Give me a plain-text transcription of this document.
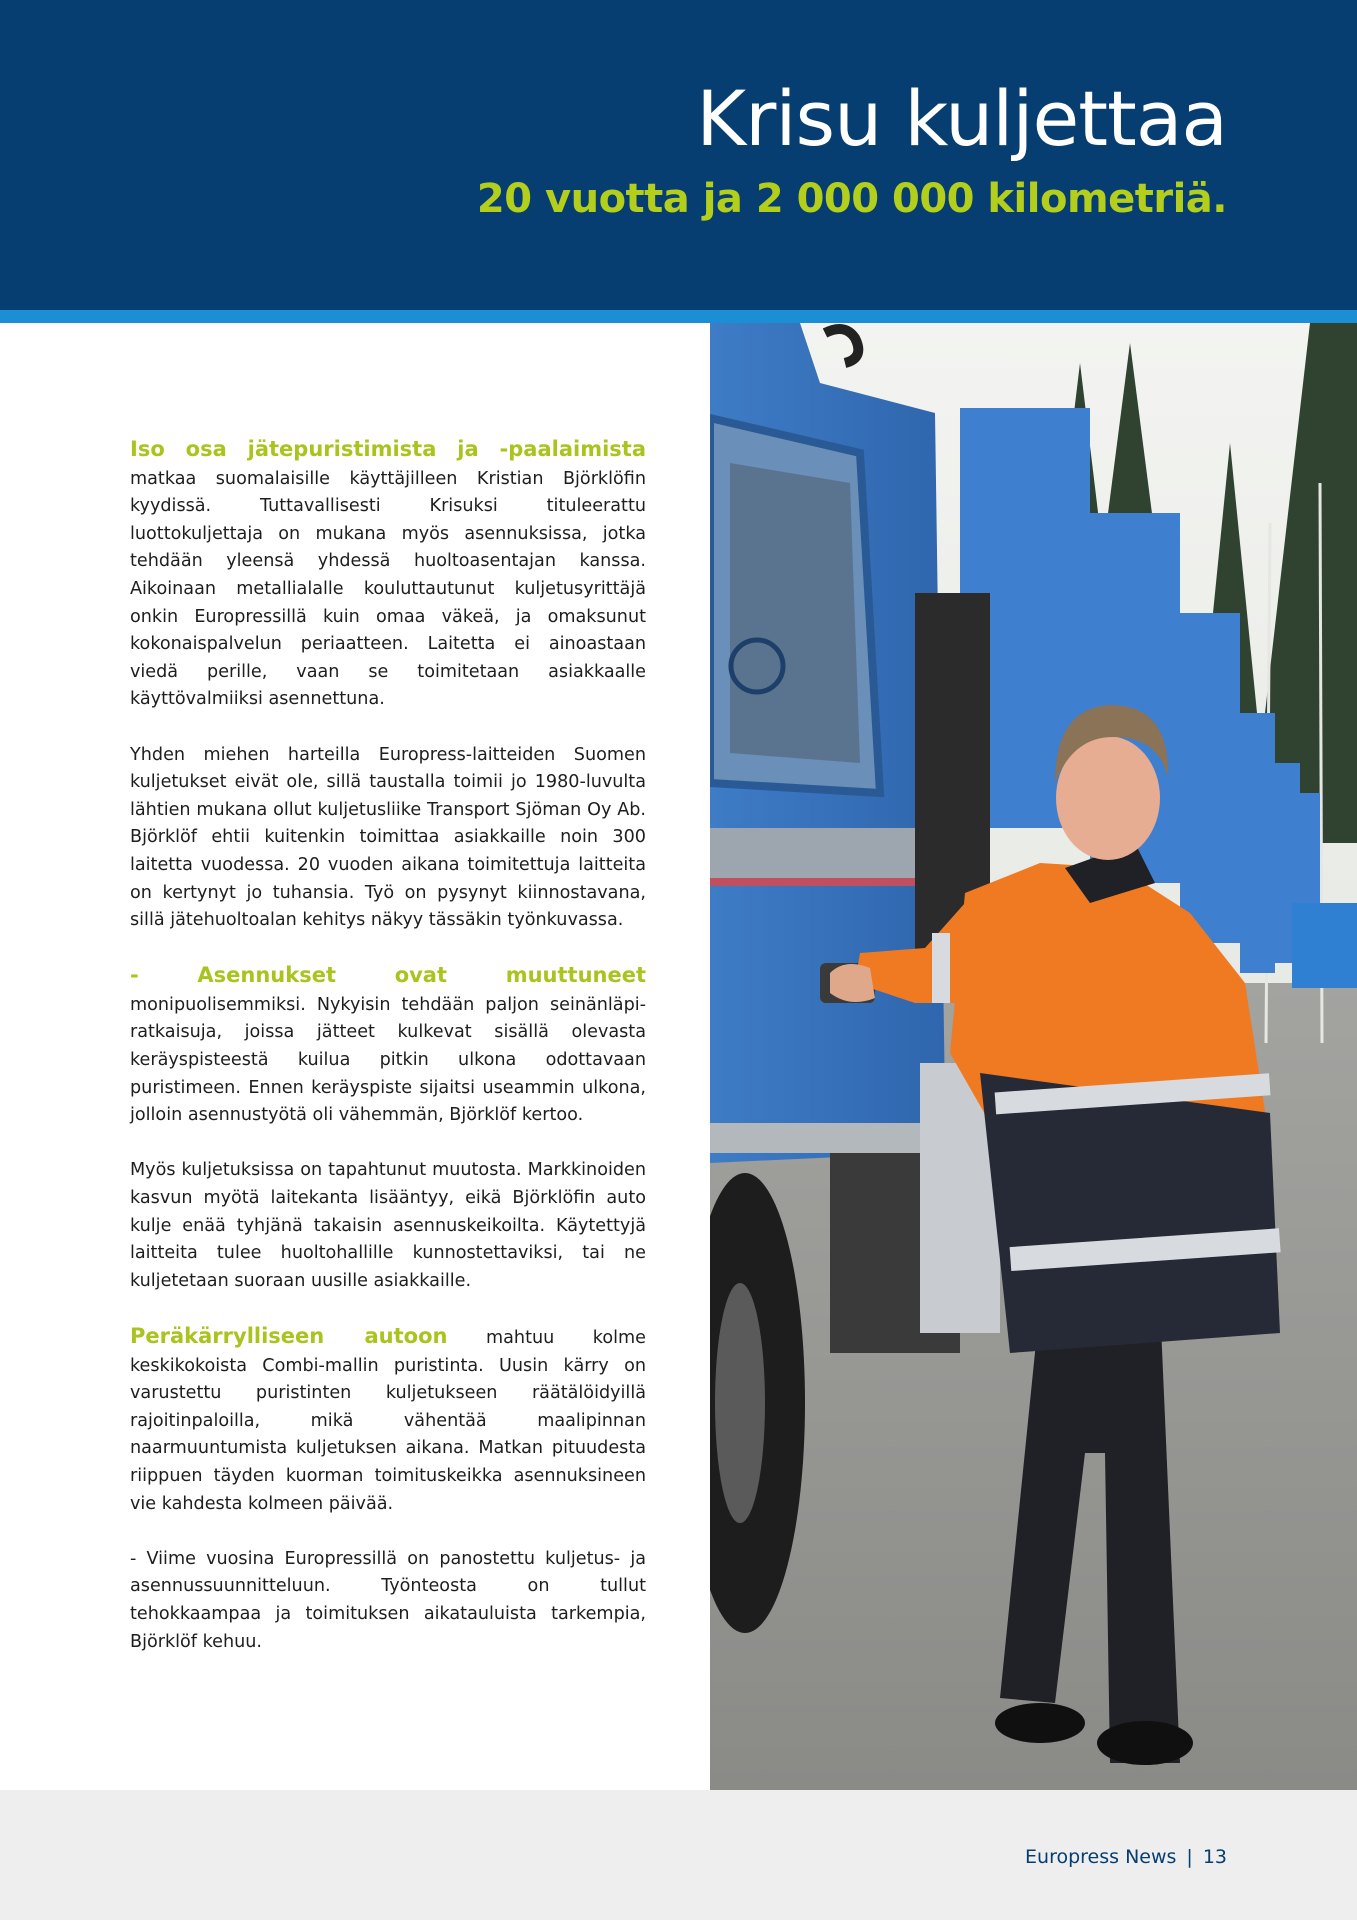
Krisu kuljettaa
20 vuotta ja 2 000 000 kilometriä.

Iso osa jätepuristimista ja -paalaimista matkaa suomalaisille käyttäjilleen Kristian Björklöfin kyydissä. Tuttavallisesti Krisuksi tituleerattu luottokuljettaja on mukana myös asennuksissa, jotka tehdään yleensä yhdessä huoltoasentajan kanssa. Aikoinaan metallialalle kouluttautunut kuljetusyrittäjä onkin Europressillä kuin omaa väkeä, ja omaksunut kokonaispalvelun periaatteen. Laitetta ei ainoastaan viedä perille, vaan se toimitetaan asiakkaalle käyttövalmiiksi asennettuna.

Yhden miehen harteilla Europress-laitteiden Suomen kuljetukset eivät ole, sillä taustalla toimii jo 1980-luvulta lähtien mukana ollut kuljetusliike Transport Sjöman Oy Ab. Björklöf ehtii kuitenkin toimittaa asiakkaille noin 300 laitetta vuodessa. 20 vuoden aikana toimitettuja laitteita on kertynyt jo tuhansia. Työ on pysynyt kiinnostavana, sillä jätehuoltoalan kehitys näkyy tässäkin työnkuvassa.

- Asennukset ovat muuttuneet monipuolisemmiksi. Nykyisin tehdään paljon seinänläpi-ratkaisuja, joissa jätteet kulkevat sisällä olevasta keräyspisteestä kuilua pitkin ulkona odottavaan puristimeen. Ennen keräyspiste sijaitsi useammin ulkona, jolloin asennustyötä oli vähemmän, Björklöf kertoo.

Myös kuljetuksissa on tapahtunut muutosta. Markkinoiden kasvun myötä laitekanta lisääntyy, eikä Björklöfin auto kulje enää tyhjänä takaisin asennuskeikoilta. Käytettyjä laitteita tulee huoltohallille kunnostettaviksi, tai ne kuljetetaan suoraan uusille asiakkaille.

Peräkärrylliseen autoon mahtuu kolme keskikokoista Combi-mallin puristinta. Uusin kärry on varustettu puristinten kuljetukseen räätälöidyillä rajoitinpaloilla, mikä vähentää maalipinnan naarmuuntumista kuljetuksen aikana. Matkan pituudesta riippuen täyden kuorman toimituskeikka asennuksineen vie kahdesta kolmeen päivää.

- Viime vuosina Europressillä on panostettu kuljetus- ja asennussuunnitteluun. Työnteosta on tullut tehokkaampaa ja toimituksen aikatauluista tarkempia, Björklöf kehuu.

Europress News | 13
